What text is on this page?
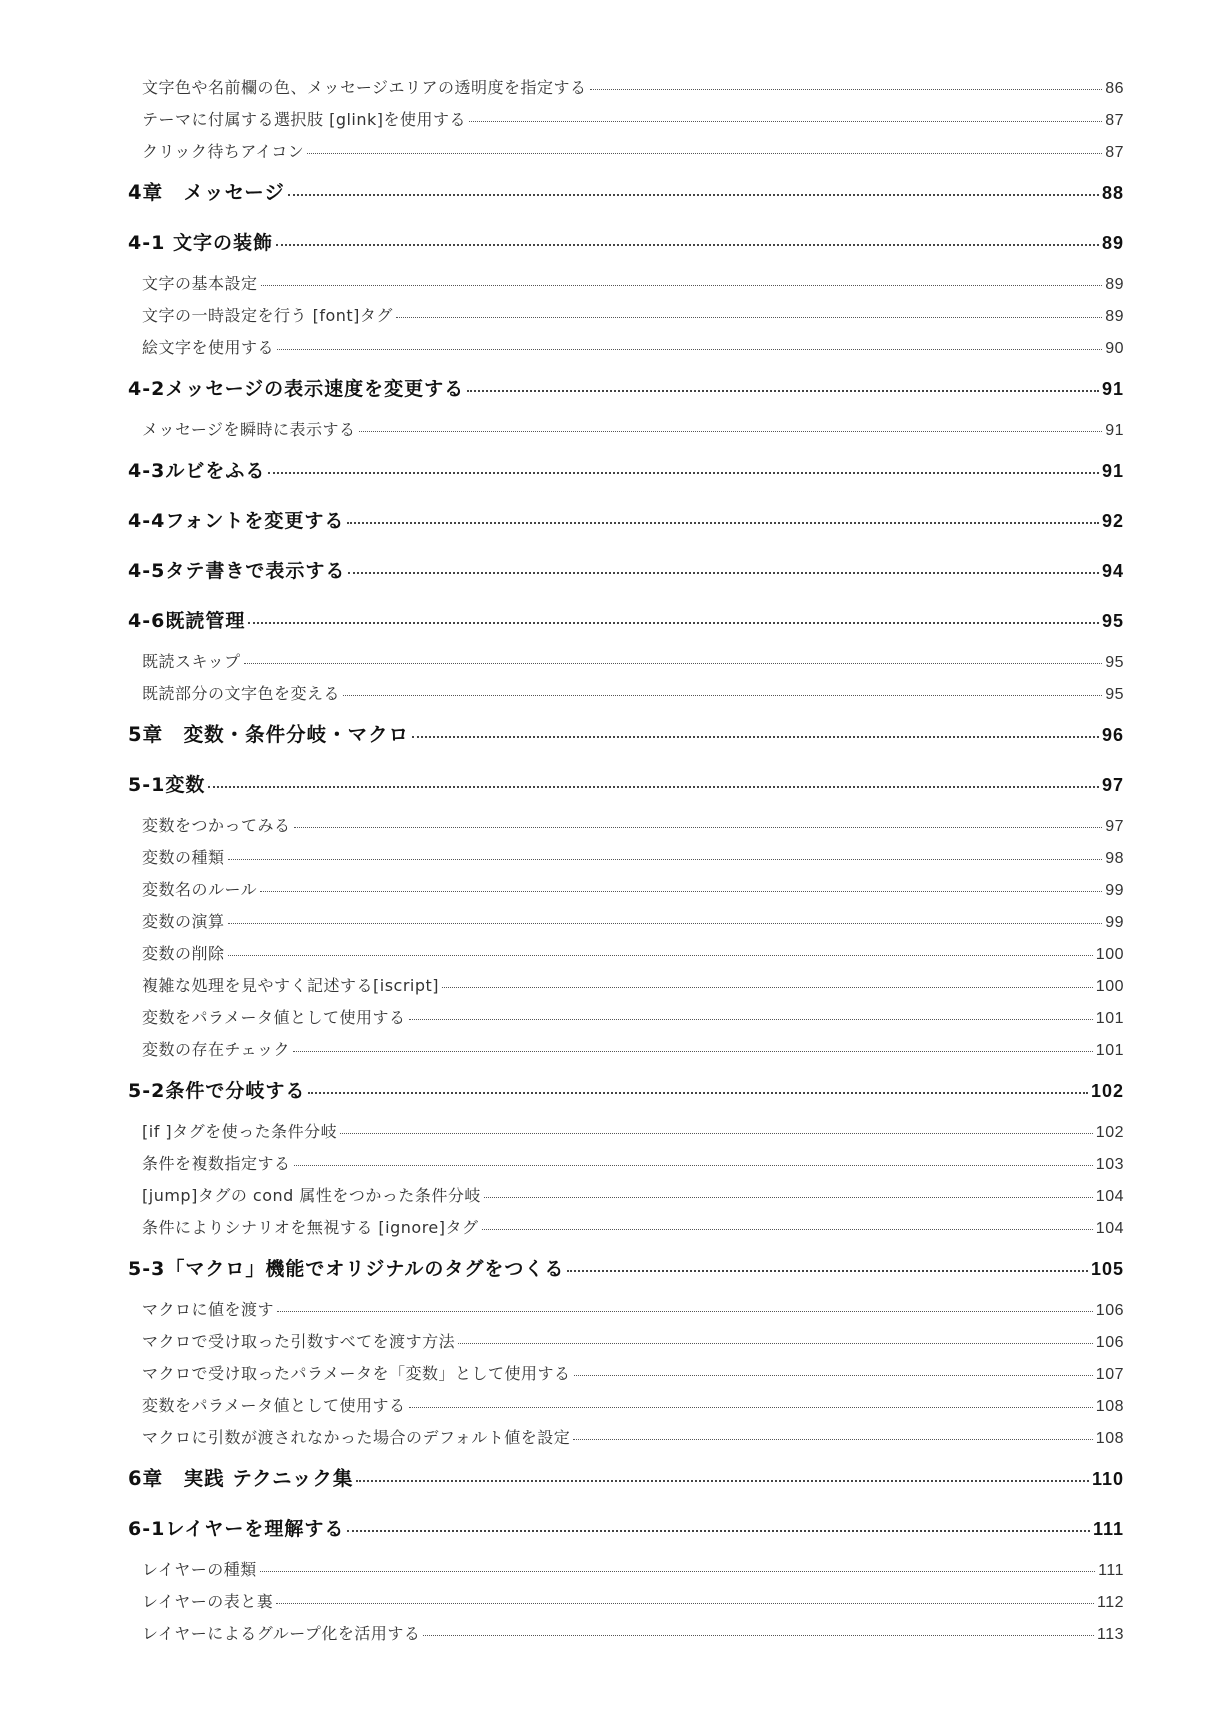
文字色や名前欄の色、メッセージエリアの透明度を指定する	86
テーマに付属する選択肢 [glink]を使用する	87
クリック待ちアイコン	87
4章　メッセージ	88
4-1 文字の装飾	89
文字の基本設定	89
文字の一時設定を行う [font]タグ	89
絵文字を使用する	90
4-2メッセージの表示速度を変更する	91
メッセージを瞬時に表示する	91
4-3ルビをふる	91
4-4フォントを変更する	92
4-5タテ書きで表示する	94
4-6既読管理	95
既読スキップ	95
既読部分の文字色を変える	95
5章　変数・条件分岐・マクロ	96
5-1変数	97
変数をつかってみる	97
変数の種類	98
変数名のルール	99
変数の演算	99
変数の削除	100
複雑な処理を見やすく記述する[iscript]	100
変数をパラメータ値として使用する	101
変数の存在チェック	101
5-2条件で分岐する	102
[if ]タグを使った条件分岐	102
条件を複数指定する	103
[jump]タグの cond 属性をつかった条件分岐	104
条件によりシナリオを無視する [ignore]タグ	104
5-3「マクロ」機能でオリジナルのタグをつくる	105
マクロに値を渡す	106
マクロで受け取った引数すべてを渡す方法	106
マクロで受け取ったパラメータを「変数」として使用する	107
変数をパラメータ値として使用する	108
マクロに引数が渡されなかった場合のデフォルト値を設定	108
6章　実践 テクニック集	110
6-1レイヤーを理解する	111
レイヤーの種類	111
レイヤーの表と裏	112
レイヤーによるグループ化を活用する	113
